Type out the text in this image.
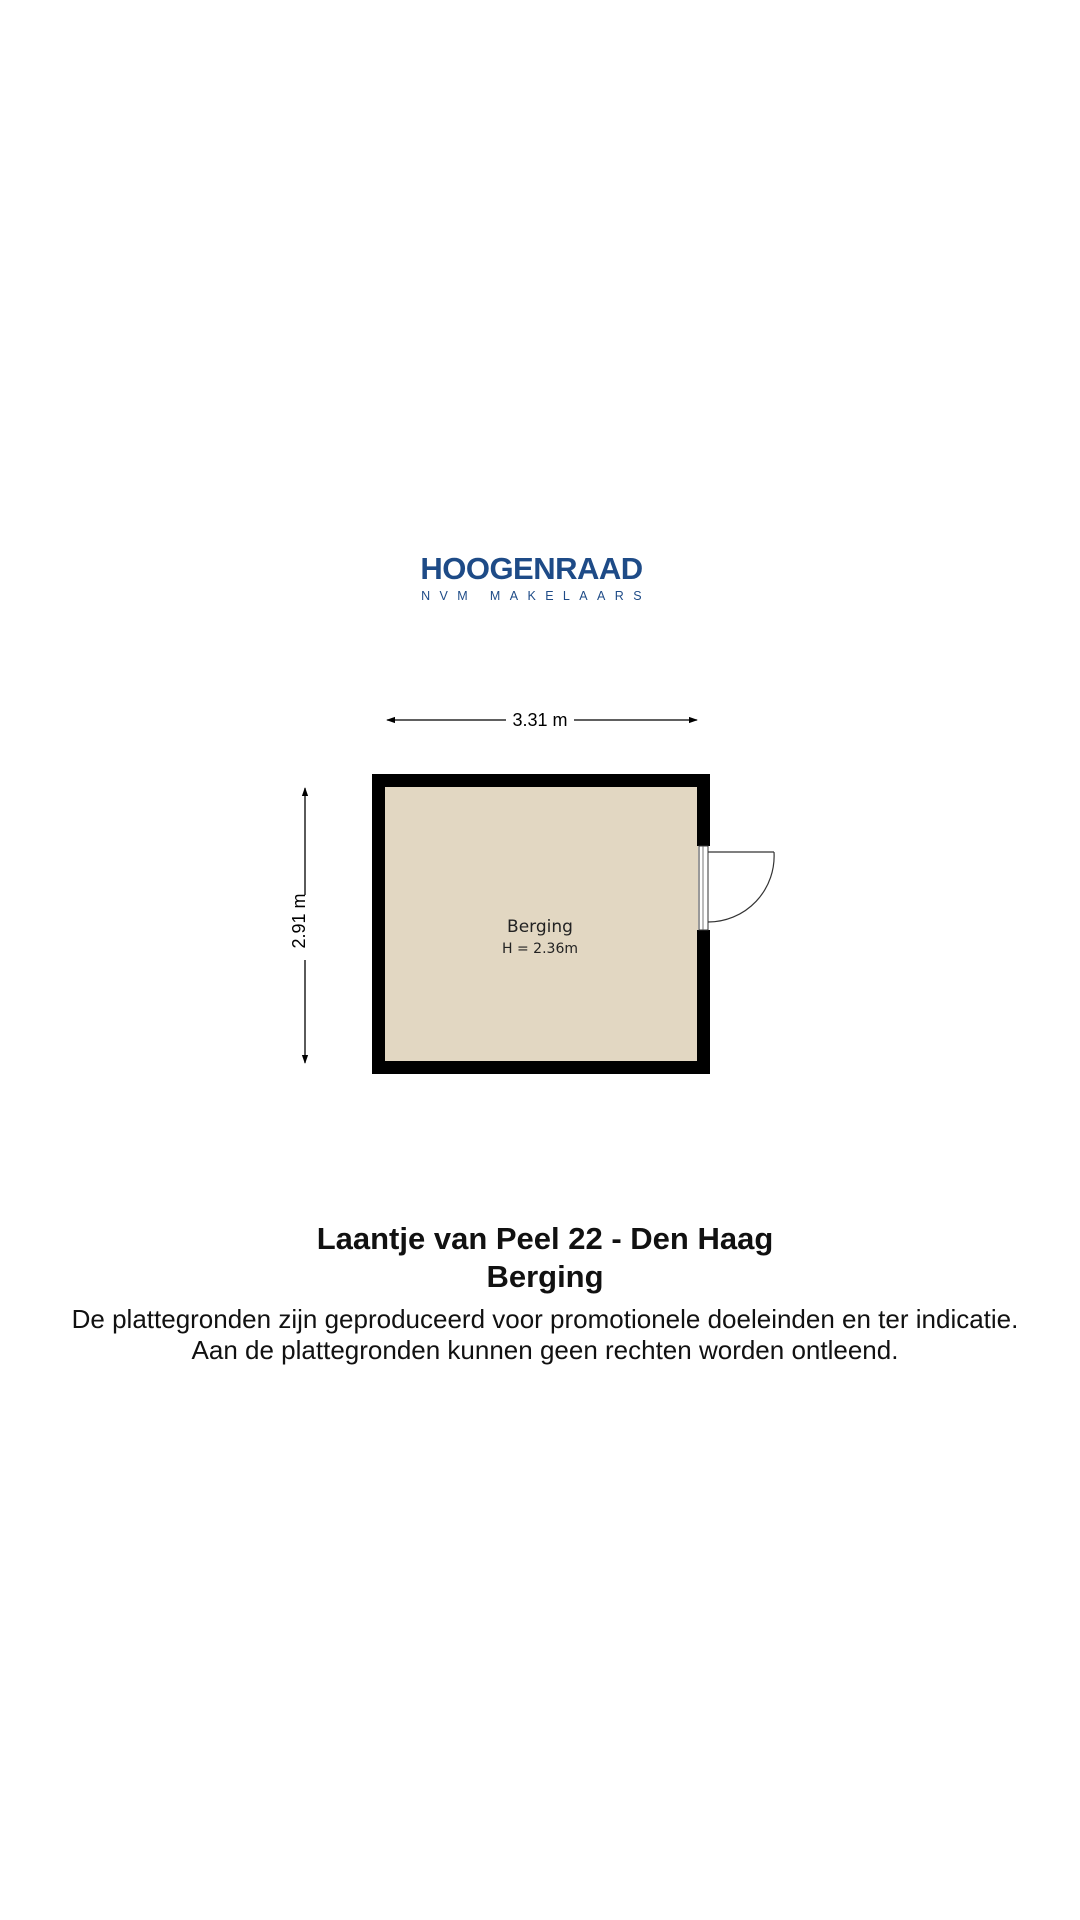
HOOGENRAAD
NVM MAKELAARS
3.31 m
2.91 m	Berging
H = 2.36m
Laantje van Peel 22 - Den Haag
Berging
De plattegronden zijn geproduceerd voor promotionele doeleinden en ter indicatie.
Aan de plattegronden kunnen geen rechten worden ontleend.
